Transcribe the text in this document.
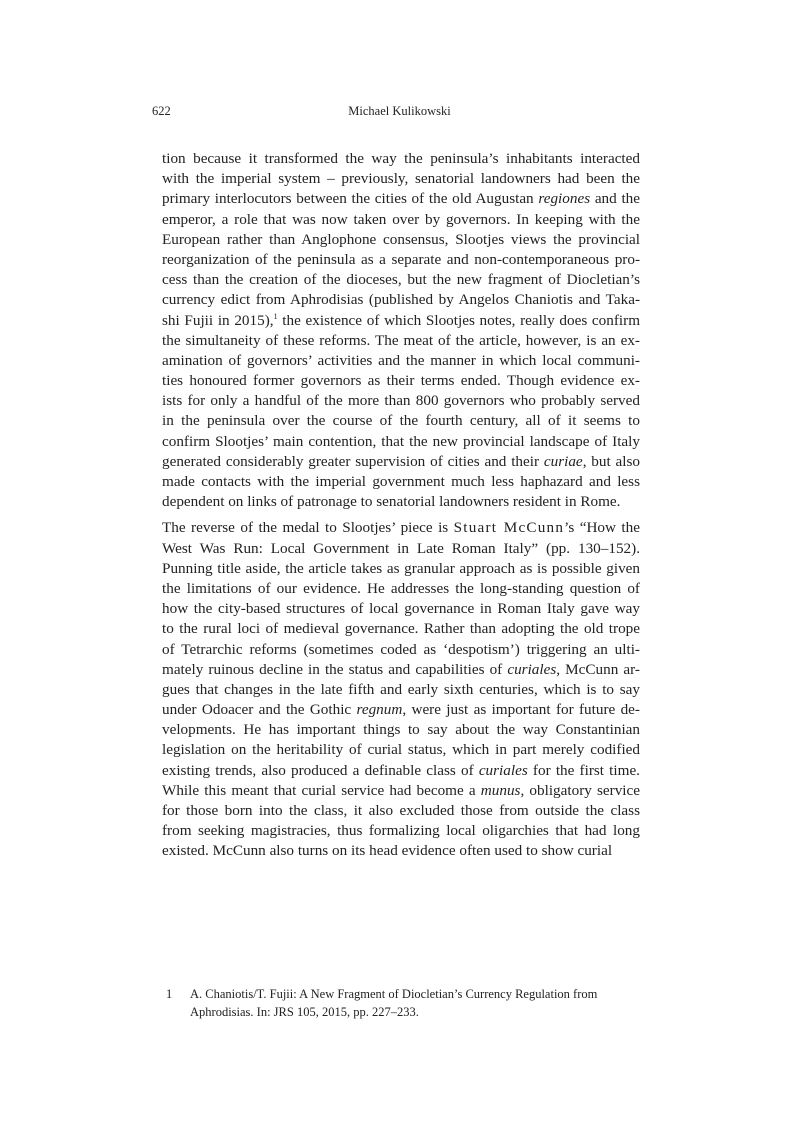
622	Michael Kulikowski
tion because it transformed the way the peninsula’s inhabitants interacted
with the imperial system – previously, senatorial landowners had been the
primary interlocutors between the cities of the old Augustan regiones and the
emperor, a role that was now taken over by governors. In keeping with the
European rather than Anglophone consensus, Slootjes views the provincial
reorganization of the peninsula as a separate and non-contemporaneous pro-
cess than the creation of the dioceses, but the new fragment of Diocletian’s
currency edict from Aphrodisias (published by Angelos Chaniotis and Taka-
shi Fujii in 2015),$^1$ the existence of which Slootjes notes, really does confirm
the simultaneity of these reforms. The meat of the article, however, is an ex-
amination of governors’ activities and the manner in which local communi-
ties honoured former governors as their terms ended. Though evidence ex-
ists for only a handful of the more than 800 governors who probably served
in the peninsula over the course of the fourth century, all of it seems to
confirm Slootjes’ main contention, that the new provincial landscape of Italy
generated considerably greater supervision of cities and their curiae, but also
made contacts with the imperial government much less haphazard and less
dependent on links of patronage to senatorial landowners resident in Rome.
The reverse of the medal to Slootjes’ piece is Stuart McCunn’s “How the
West Was Run: Local Government in Late Roman Italy” (pp. 130–152).
Punning title aside, the article takes as granular approach as is possible given
the limitations of our evidence. He addresses the long-standing question of
how the city-based structures of local governance in Roman Italy gave way
to the rural loci of medieval governance. Rather than adopting the old trope
of Tetrarchic reforms (sometimes coded as ‘despotism’) triggering an ulti-
mately ruinous decline in the status and capabilities of curiales, McCunn ar-
gues that changes in the late fifth and early sixth centuries, which is to say
under Odoacer and the Gothic regnum, were just as important for future de-
velopments. He has important things to say about the way Constantinian
legislation on the heritability of curial status, which in part merely codified
existing trends, also produced a definable class of curiales for the first time.
While this meant that curial service had become a munus, obligatory service
for those born into the class, it also excluded those from outside the class
from seeking magistracies, thus formalizing local oligarchies that had long
existed. McCunn also turns on its head evidence often used to show curial
1 A. Chaniotis/T. Fujii: A New Fragment of Diocletian’s Currency Regulation from Aphrodisias. In: JRS 105, 2015, pp. 227–233.
